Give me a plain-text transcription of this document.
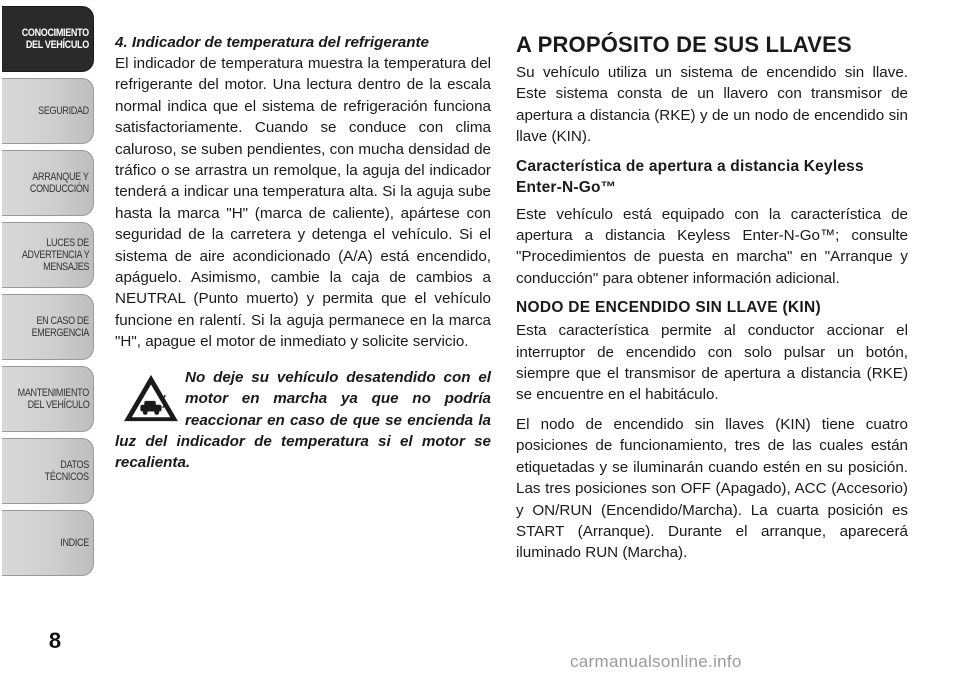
CONOCIMIENTO
DEL VEHÍCULO
SEGURIDAD
ARRANQUE Y
CONDUCCIÓN
LUCES DE
ADVERTENCIA Y
MENSAJES
EN CASO DE
EMERGENCIA
MANTENIMIENTO
DEL VEHÍCULO
DATOS
TÉCNICOS
INDICE
8
4. Indicador de temperatura del refrigerante

El indicador de temperatura muestra la temperatura del refrigerante del motor. Una lectura dentro de la escala normal indica que el sistema de refrigeración funciona satisfactoriamente. Cuando se conduce con clima caluroso, se suben pendientes, con mucha densidad de tráfico o se arrastra un remolque, la aguja del indicador tenderá a indicar una temperatura alta. Si la aguja sube hasta la marca "H" (marca de caliente), apártese con seguridad de la carretera y detenga el vehículo. Si el sistema de aire acondicionado (A/A) está encendido, apáguelo. Asimismo, cambie la caja de cambios a NEUTRAL (Punto muerto) y permita que el vehículo funcione en ralentí. Si la aguja permanece en la marca "H", apague el motor de inmediato y solicite servicio.

No deje su vehículo desatendido con el motor en marcha ya que no podría reaccionar en caso de que se encienda la luz del indicador de temperatura si el motor se recalienta.

A PROPÓSITO DE SUS LLAVES

Su vehículo utiliza un sistema de encendido sin llave. Este sistema consta de un llavero con transmisor de apertura a distancia (RKE) y de un nodo de encendido sin llave (KIN).

Característica de apertura a distancia Keyless Enter-N-Go™

Este vehículo está equipado con la característica de apertura a distancia Keyless Enter-N-Go™; consulte "Procedimientos de puesta en marcha" en "Arranque y conducción" para obtener información adicional.

NODO DE ENCENDIDO SIN LLAVE (KIN)

Esta característica permite al conductor accionar el interruptor de encendido con solo pulsar un botón, siempre que el transmisor de apertura a distancia (RKE) se encuentre en el habitáculo.

El nodo de encendido sin llaves (KIN) tiene cuatro posiciones de funcionamiento, tres de las cuales están etiquetadas y se iluminarán cuando estén en su posición. Las tres posiciones son OFF (Apagado), ACC (Accesorio) y ON/RUN (Encendido/Marcha). La cuarta posición es START (Arranque). Durante el arranque, aparecerá iluminado RUN (Marcha).

carmanualsonline.info
